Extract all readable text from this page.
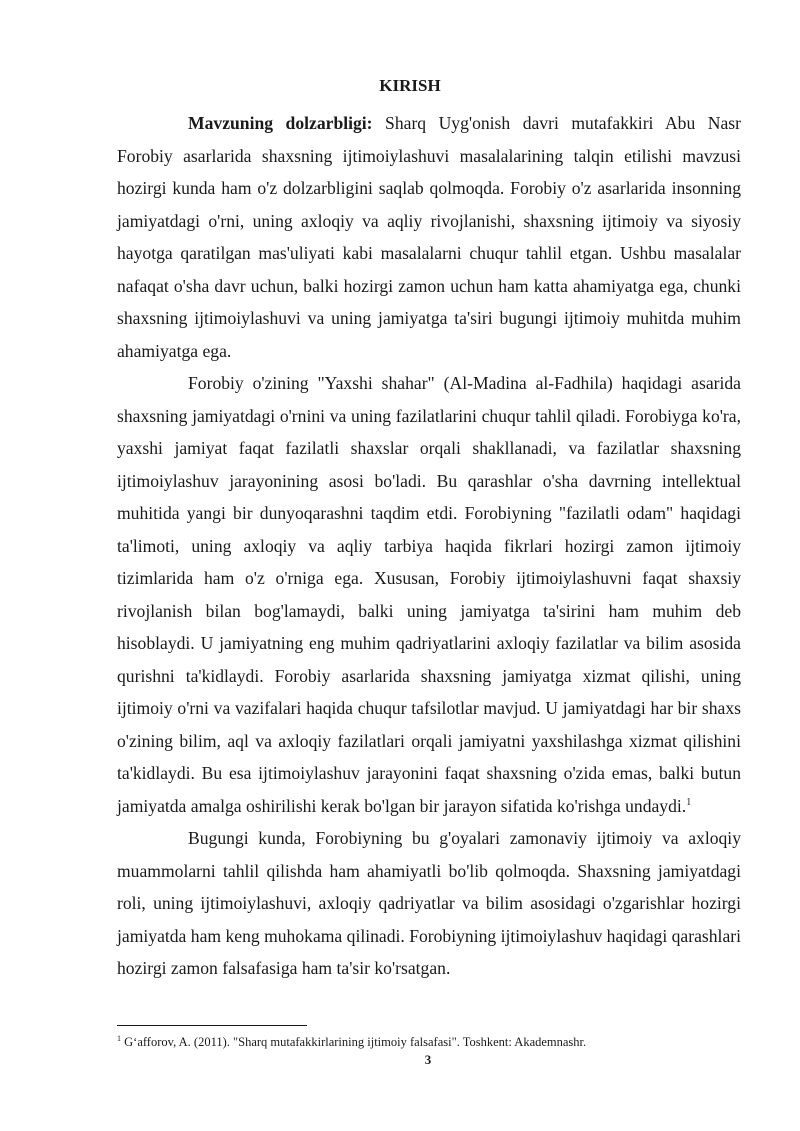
KIRISH

Mavzuning dolzarbligi: Sharq Uyg'onish davri mutafakkiri Abu Nasr Forobiy asarlarida shaxsning ijtimoiylashuvi masalalarining talqin etilishi mavzusi hozirgi kunda ham o'z dolzarbligini saqlab qolmoqda. Forobiy o'z asarlarida insonning jamiyatdagi o'rni, uning axloqiy va aqliy rivojlanishi, shaxsning ijtimoiy va siyosiy hayotga qaratilgan mas'uliyati kabi masalalarni chuqur tahlil etgan. Ushbu masalalar nafaqat o'sha davr uchun, balki hozirgi zamon uchun ham katta ahamiyatga ega, chunki shaxsning ijtimoiylashuvi va uning jamiyatga ta'siri bugungi ijtimoiy muhitda muhim ahamiyatga ega.

Forobiy o'zining "Yaxshi shahar" (Al-Madina al-Fadhila) haqidagi asarida shaxsning jamiyatdagi o'rnini va uning fazilatlarini chuqur tahlil qiladi. Forobiyga ko'ra, yaxshi jamiyat faqat fazilatli shaxslar orqali shakllanadi, va fazilatlar shaxsning ijtimoiylashuv jarayonining asosi bo'ladi. Bu qarashlar o'sha davrning intellektual muhitida yangi bir dunyoqarashni taqdim etdi. Forobiyning "fazilatli odam" haqidagi ta'limoti, uning axloqiy va aqliy tarbiya haqida fikrlari hozirgi zamon ijtimoiy tizimlarida ham o'z o'rniga ega. Xususan, Forobiy ijtimoiylashuvni faqat shaxsiy rivojlanish bilan bog'lamaydi, balki uning jamiyatga ta'sirini ham muhim deb hisoblaydi. U jamiyatning eng muhim qadriyatlarini axloqiy fazilatlar va bilim asosida qurishni ta'kidlaydi. Forobiy asarlarida shaxsning jamiyatga xizmat qilishi, uning ijtimoiy o'rni va vazifalari haqida chuqur tafsilotlar mavjud. U jamiyatdagi har bir shaxs o'zining bilim, aql va axloqiy fazilatlari orqali jamiyatni yaxshilashga xizmat qilishini ta'kidlaydi. Bu esa ijtimoiylashuv jarayonini faqat shaxsning o'zida emas, balki butun jamiyatda amalga oshirilishi kerak bo'lgan bir jarayon sifatida ko'rishga undaydi.$^1$

Bugungi kunda, Forobiyning bu g'oyalari zamonaviy ijtimoiy va axloqiy muammolarni tahlil qilishda ham ahamiyatli bo'lib qolmoqda. Shaxsning jamiyatdagi roli, uning ijtimoiylashuvi, axloqiy qadriyatlar va bilim asosidagi o'zgarishlar hozirgi jamiyatda ham keng muhokama qilinadi. Forobiyning ijtimoiylashuv haqidagi qarashlari hozirgi zamon falsafasiga ham ta'sir ko'rsatgan.

$^1$ G‘afforov, A. (2011). "Sharq mutafakkirlarining ijtimoiy falsafasi". Toshkent: Akademnashr.
3
